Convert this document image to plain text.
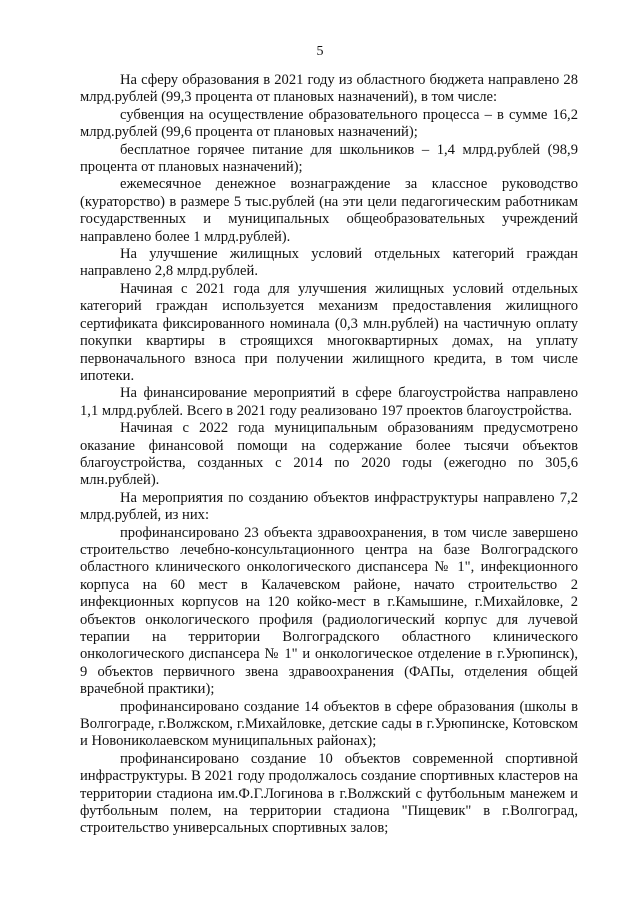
5

На сферу образования в 2021 году из областного бюджета направлено 28 млрд.рублей (99,3 процента от плановых назначений), в том числе:

субвенция на осуществление образовательного процесса – в сумме 16,2 млрд.рублей (99,6 процента от плановых назначений);

бесплатное горячее питание для школьников – 1,4 млрд.рублей (98,9 процента от плановых назначений);

ежемесячное денежное вознаграждение за классное руководство (кураторство) в размере 5 тыс.рублей (на эти цели педагогическим работникам государственных и муниципальных общеобразовательных учреждений направлено более 1 млрд.рублей).

На улучшение жилищных условий отдельных категорий граждан направлено 2,8 млрд.рублей.

Начиная с 2021 года для улучшения жилищных условий отдельных категорий граждан используется механизм предоставления жилищного сертификата фиксированного номинала (0,3 млн.рублей) на частичную оплату покупки квартиры в строящихся многоквартирных домах, на уплату первоначального взноса при получении жилищного кредита, в том числе ипотеки.

На финансирование мероприятий в сфере благоустройства направлено 1,1 млрд.рублей. Всего в 2021 году реализовано 197 проектов благоустройства.

Начиная с 2022 года муниципальным образованиям предусмотрено оказание финансовой помощи на содержание более тысячи объектов благоустройства, созданных с 2014 по 2020 годы (ежегодно по 305,6 млн.рублей).

На мероприятия по созданию объектов инфраструктуры направлено 7,2 млрд.рублей, из них:

профинансировано 23 объекта здравоохранения, в том числе завершено строительство лечебно-консультационного центра на базе Волгоградского областного клинического онкологического диспансера № 1", инфекционного корпуса на 60 мест в Калачевском районе, начато строительство 2 инфекционных корпусов на 120 койко-мест в г.Камышине, г.Михайловке, 2 объектов онкологического профиля (радиологический корпус для лучевой терапии на территории Волгоградского областного клинического онкологического диспансера № 1" и онкологическое отделение в г.Урюпинск), 9 объектов первичного звена здравоохранения (ФАПы, отделения общей врачебной практики);

профинансировано создание 14 объектов в сфере образования (школы в Волгограде, г.Волжском, г.Михайловке, детские сады в г.Урюпинске, Котовском и Новониколаевском муниципальных районах);

профинансировано создание 10 объектов современной спортивной инфраструктуры. В 2021 году продолжалось создание спортивных кластеров на территории стадиона им.Ф.Г.Логинова в г.Волжский с футбольным манежем и футбольным полем, на территории стадиона "Пищевик" в г.Волгоград, строительство универсальных спортивных залов;
